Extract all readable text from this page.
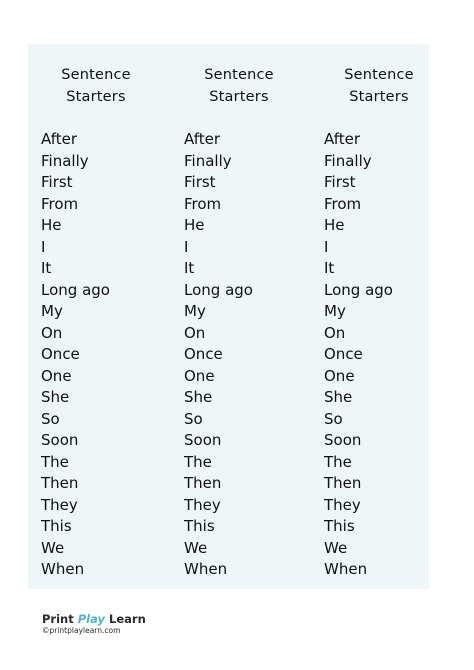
Sentence
Starters
After
Finally
First
From
He
I
It
Long ago
My
On
Once
One
She
So
Soon
The
Then
They
This
We
When
Sentence
Starters
After
Finally
First
From
He
I
It
Long ago
My
On
Once
One
She
So
Soon
The
Then
They
This
We
When
Sentence
Starters
After
Finally
First
From
He
I
It
Long ago
My
On
Once
One
She
So
Soon
The
Then
They
This
We
When
Print Play Learn
©printplaylearn.com
